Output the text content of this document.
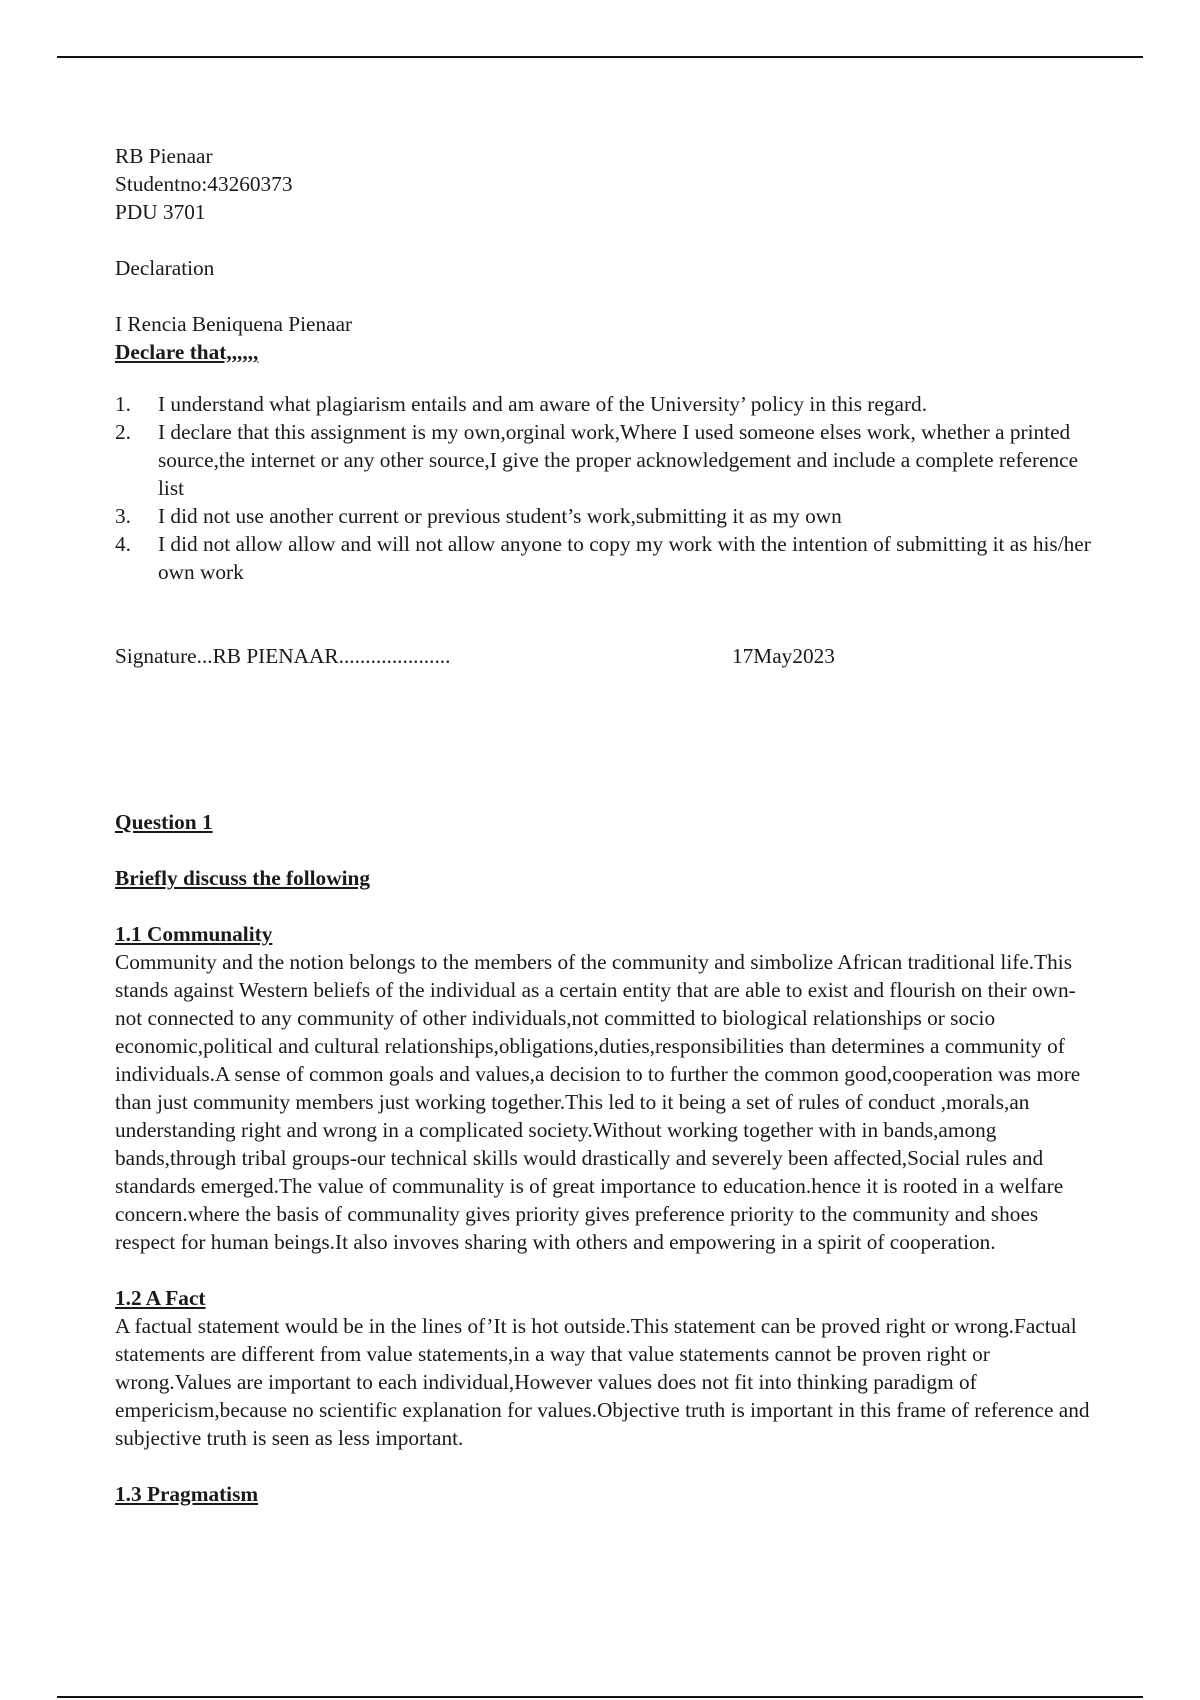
RB Pienaar
Studentno:43260373
PDU 3701
Declaration
I Rencia Beniquena Pienaar
Declare that,,,,,,
1. I understand what plagiarism entails and am aware of the University’ policy in this regard.
2. I declare that this assignment is my own,orginal work,Where I used someone elses work, whether a printed source,the internet or any other source,I give the proper acknowledgement and include a complete reference list
3. I did not use another current or previous student’s work,submitting it as my own
4. I did not allow allow and will not allow anyone to copy my work with the intention of submitting it as his/her own work
Signature...RB PIENAAR.....................	17May2023
Question 1
Briefly discuss the following
1.1 Communality

Community and the notion belongs to the members of the community and simbolize African traditional life.This stands against Western beliefs of the individual as a certain entity that are able to exist and flourish on their own-not connected to any community of other individuals,not committed to biological relationships or socio economic,political and cultural relationships,obligations,duties,responsibilities than determines a community of individuals.A sense of common goals and values,a decision to to further the common good,cooperation was more than just community members just working together.This led to it being a set of rules of conduct ,morals,an understanding right and wrong in a complicated society.Without working together with in bands,among bands,through tribal groups-our technical skills would drastically and severely been affected,Social rules and standards emerged.The value of communality is of great importance to education.hence it is rooted in a welfare concern.where the basis of communality gives priority gives preference priority to the community and shoes respect for human beings.It also invoves sharing with others and empowering in a spirit of cooperation.

1.2 A Fact

A factual statement would be in the lines of’It is hot outside.This statement can be proved right or wrong.Factual statements are different from value statements,in a way that value statements cannot be proven right or wrong.Values are important to each individual,However values does not fit into thinking paradigm of empericism,because no scientific explanation for values.Objective truth is important in this frame of reference and subjective truth is seen as less important.

1.3 Pragmatism
